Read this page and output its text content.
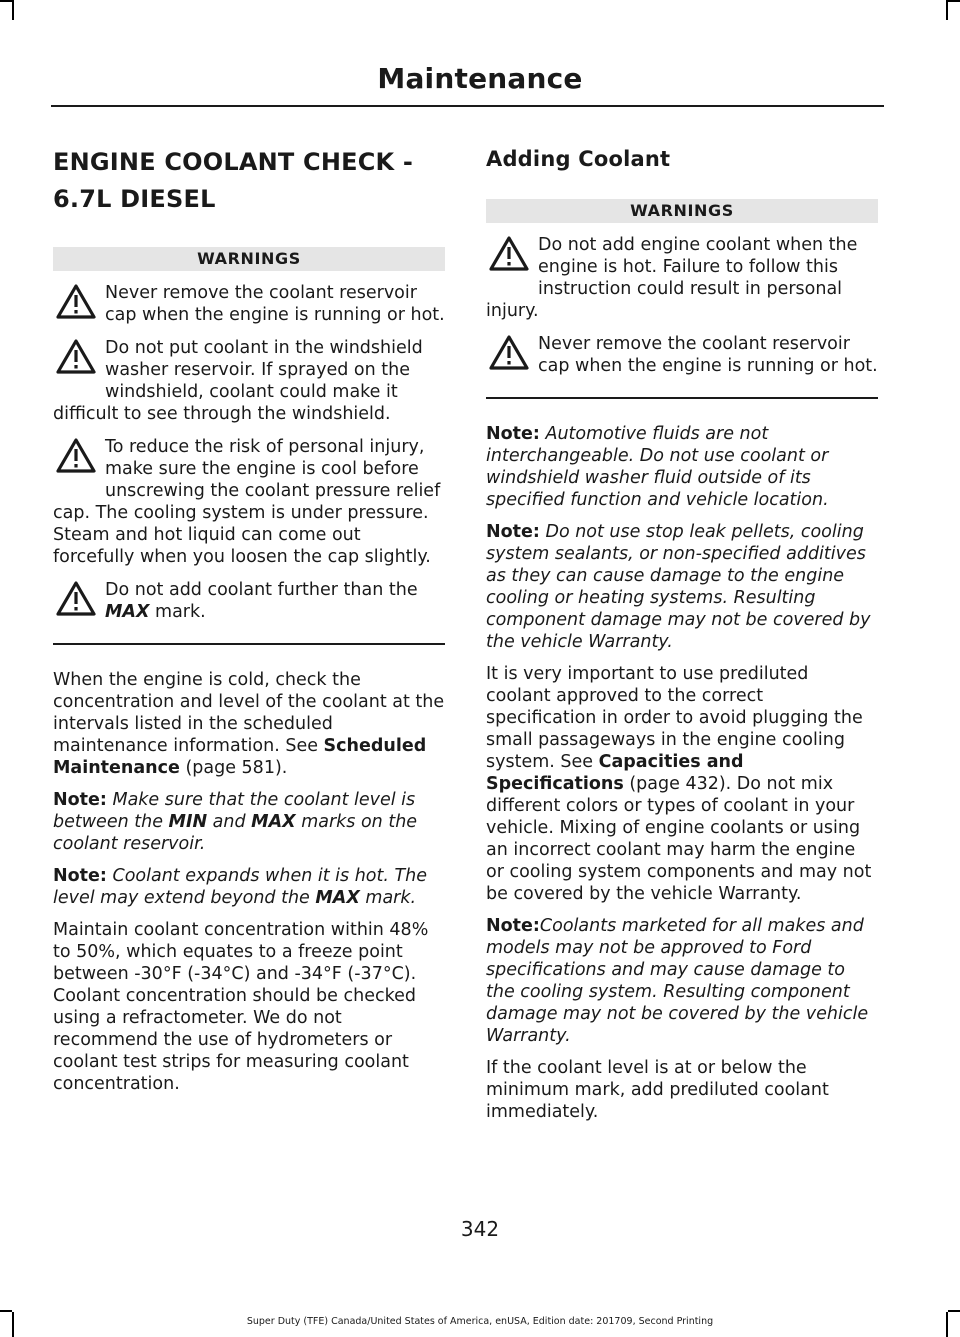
Maintenance
ENGINE COOLANT CHECK -
6.7L DIESEL
WARNINGS
Never remove the coolant reservoir cap when the engine is running or hot.
Do not put coolant in the windshield washer reservoir. If sprayed on the windshield, coolant could make it difficult to see through the windshield.
To reduce the risk of personal injury, make sure the engine is cool before unscrewing the coolant pressure relief cap. The cooling system is under pressure. Steam and hot liquid can come out forcefully when you loosen the cap slightly.
Do not add coolant further than the
MAX mark.

When the engine is cold, check the concentration and level of the coolant at the intervals listed in the scheduled maintenance information. See Scheduled Maintenance (page 581).

Note: Make sure that the coolant level is between the MIN and MAX marks on the coolant reservoir.

Note: Coolant expands when it is hot. The level may extend beyond the MAX mark.

Maintain coolant concentration within 48% to 50%, which equates to a freeze point between -30°F (-34°C) and -34°F (-37°C). Coolant concentration should be checked using a refractometer. We do not recommend the use of hydrometers or coolant test strips for measuring coolant concentration.

Adding Coolant
WARNINGS
Do not add engine coolant when the engine is hot. Failure to follow this instruction could result in personal injury.
Never remove the coolant reservoir cap when the engine is running or hot.

Note: Automotive fluids are not interchangeable. Do not use coolant or windshield washer fluid outside of its specified function and vehicle location.

Note: Do not use stop leak pellets, cooling system sealants, or non-specified additives as they can cause damage to the engine cooling or heating systems. Resulting component damage may not be covered by the vehicle Warranty.

It is very important to use prediluted coolant approved to the correct specification in order to avoid plugging the small passageways in the engine cooling system. See Capacities and Specifications (page 432). Do not mix different colors or types of coolant in your vehicle. Mixing of engine coolants or using an incorrect coolant may harm the engine or cooling system components and may not be covered by the vehicle Warranty.

Note:Coolants marketed for all makes and models may not be approved to Ford specifications and may cause damage to the cooling system. Resulting component damage may not be covered by the vehicle Warranty.

If the coolant level is at or below the minimum mark, add prediluted coolant immediately.

342
Super Duty (TFE) Canada/United States of America, enUSA, Edition date: 201709, Second Printing
